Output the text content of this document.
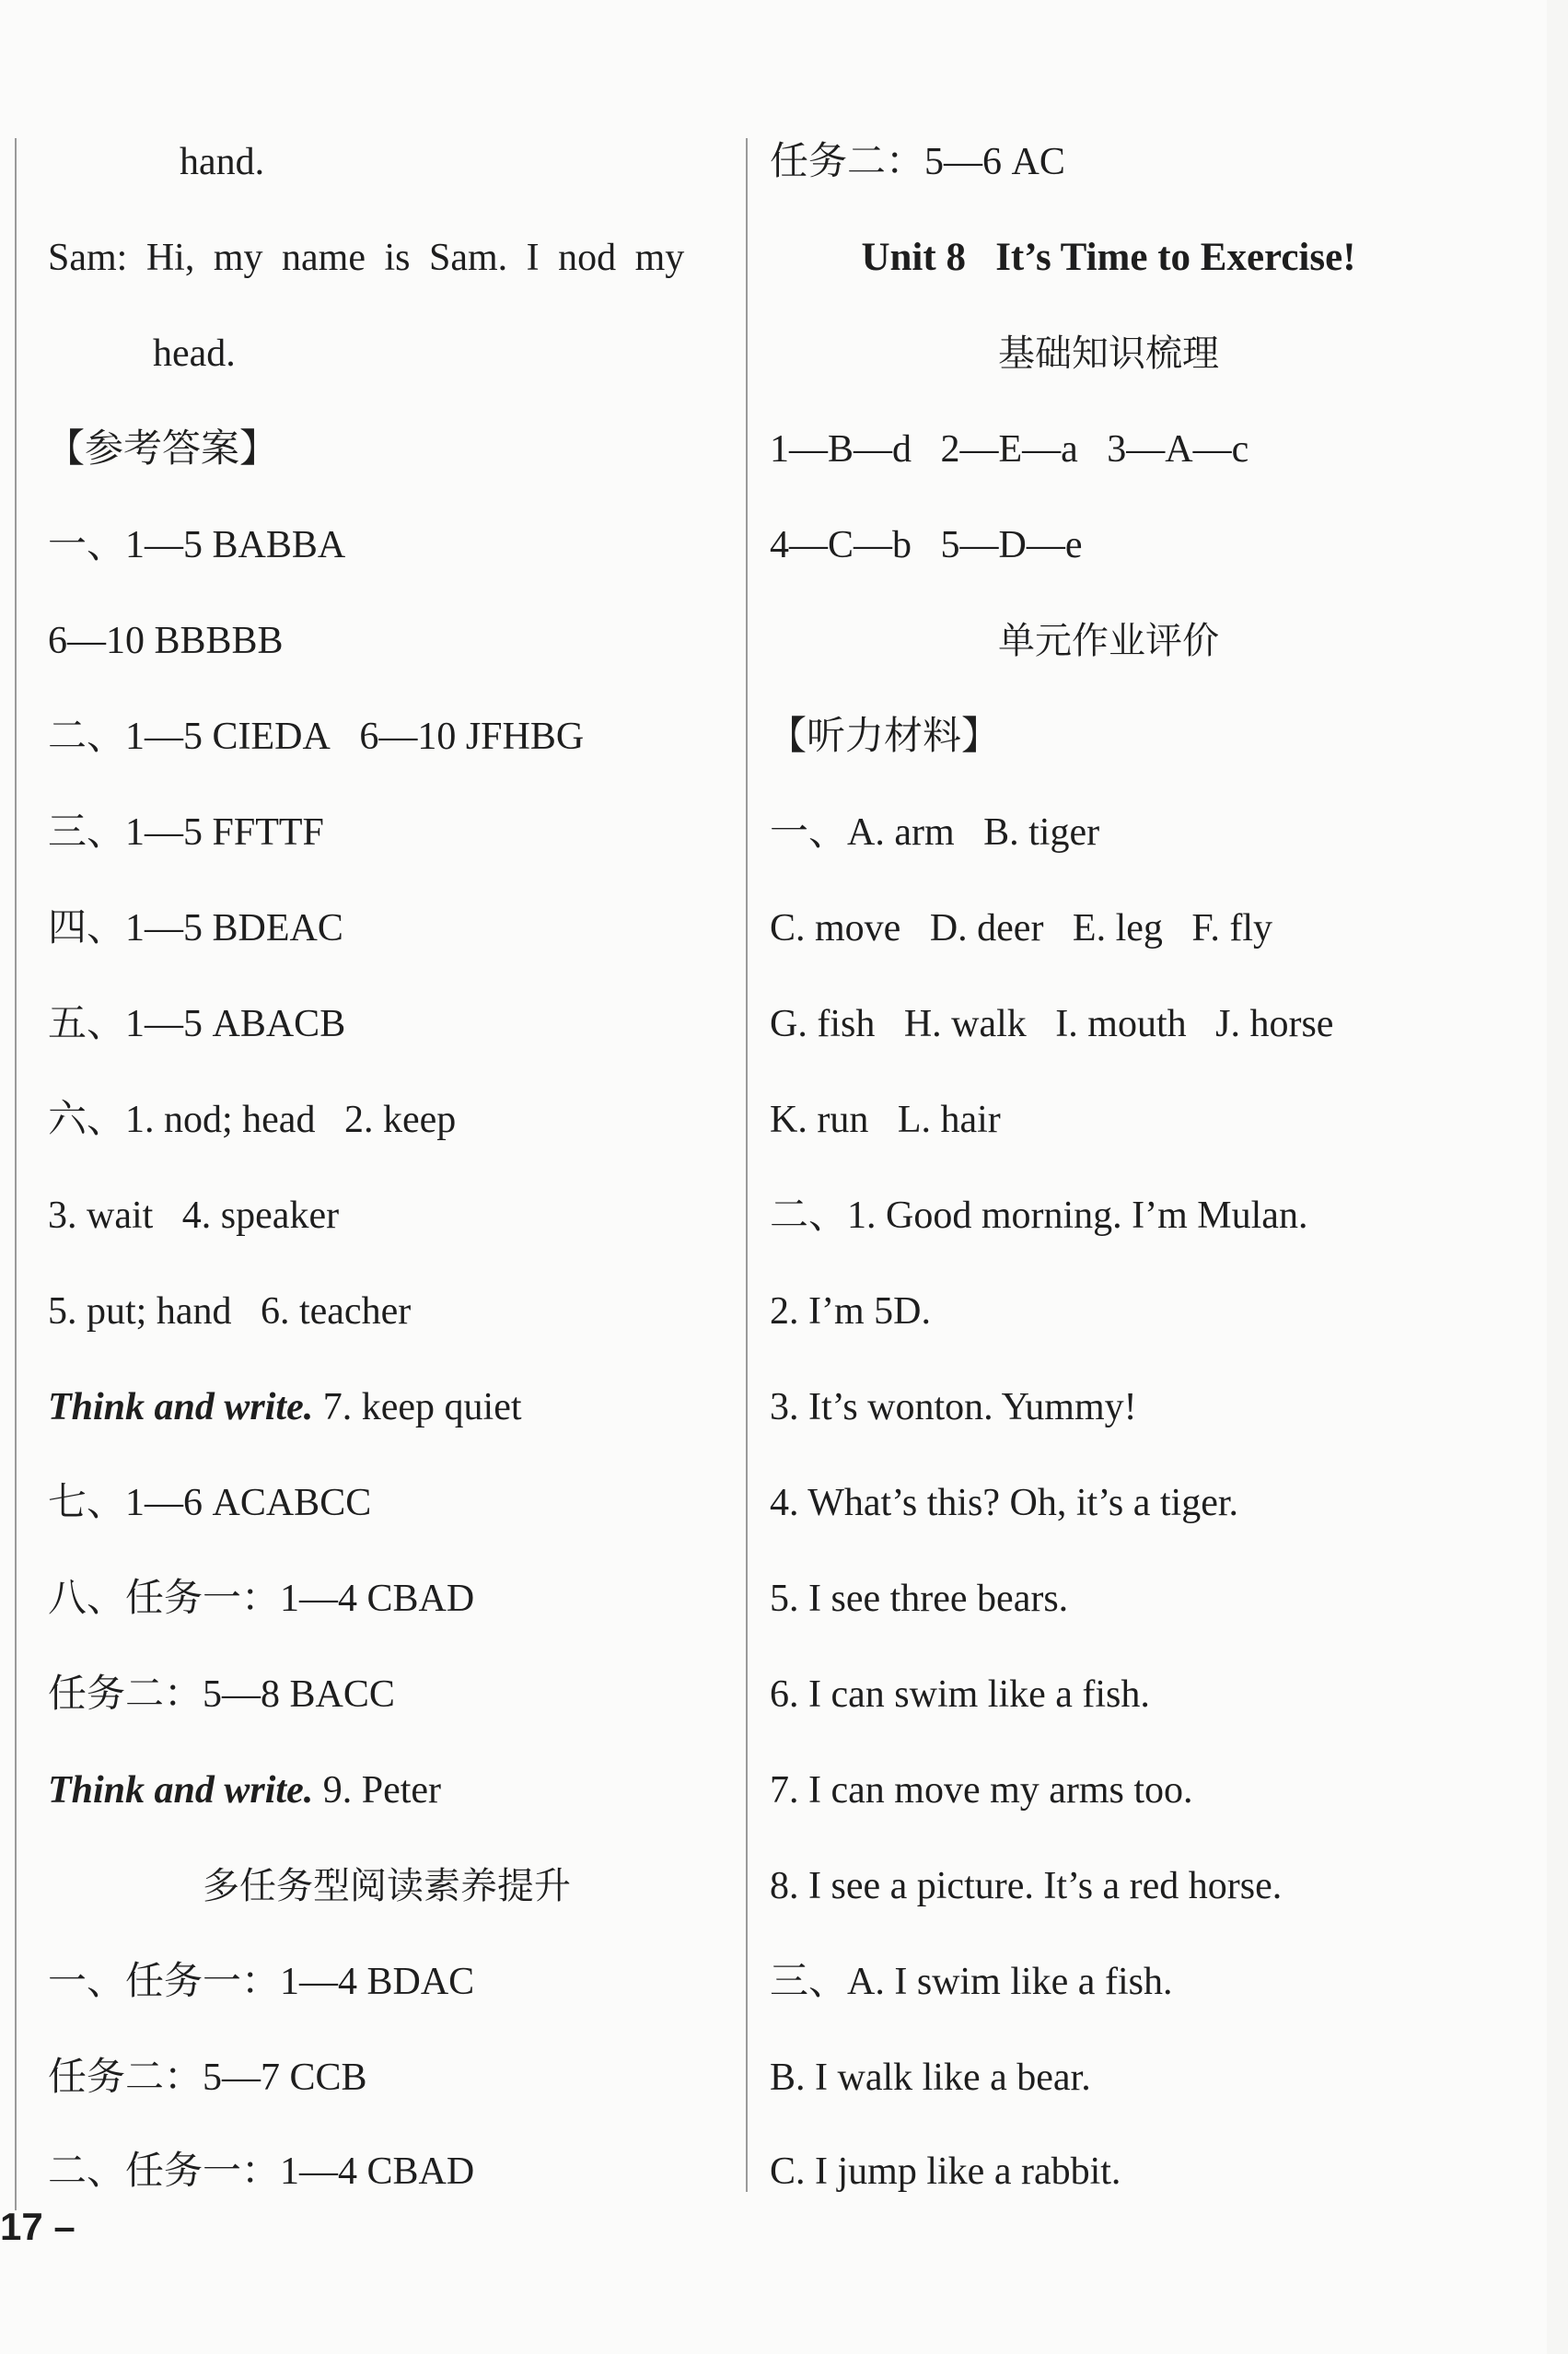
hand.
Sam: Hi, my name is Sam. I nod my
head.
【参考答案】
一、1—5 BABBA
6—10 BBBBB
二、1—5 CIEDA   6—10 JFHBG
三、1—5 FFTTF
四、1—5 BDEAC
五、1—5 ABACB
六、1. nod; head   2. keep
3. wait   4. speaker
5. put; hand   6. teacher
Think and write. 7. keep quiet
七、1—6 ACABCC
八、任务一：1—4 CBAD
任务二：5—8 BACC
Think and write. 9. Peter
多任务型阅读素养提升
一、任务一：1—4 BDAC
任务二：5—7 CCB
二、任务一：1—4 CBAD
任务二：5—6 AC
Unit 8   It’s Time to Exercise!
基础知识梳理
1—B—d   2—E—a   3—A—c
4—C—b   5—D—e
单元作业评价
【听力材料】
一、A. arm   B. tiger
C. move   D. deer   E. leg   F. fly
G. fish   H. walk   I. mouth   J. horse
K. run   L. hair
二、1. Good morning. I’m Mulan.
2. I’m 5D.
3. It’s wonton. Yummy!
4. What’s this? Oh, it’s a tiger.
5. I see three bears.
6. I can swim like a fish.
7. I can move my arms too.
8. I see a picture. It’s a red horse.
三、A. I swim like a fish.
B. I walk like a bear.
C. I jump like a rabbit.
17 –
